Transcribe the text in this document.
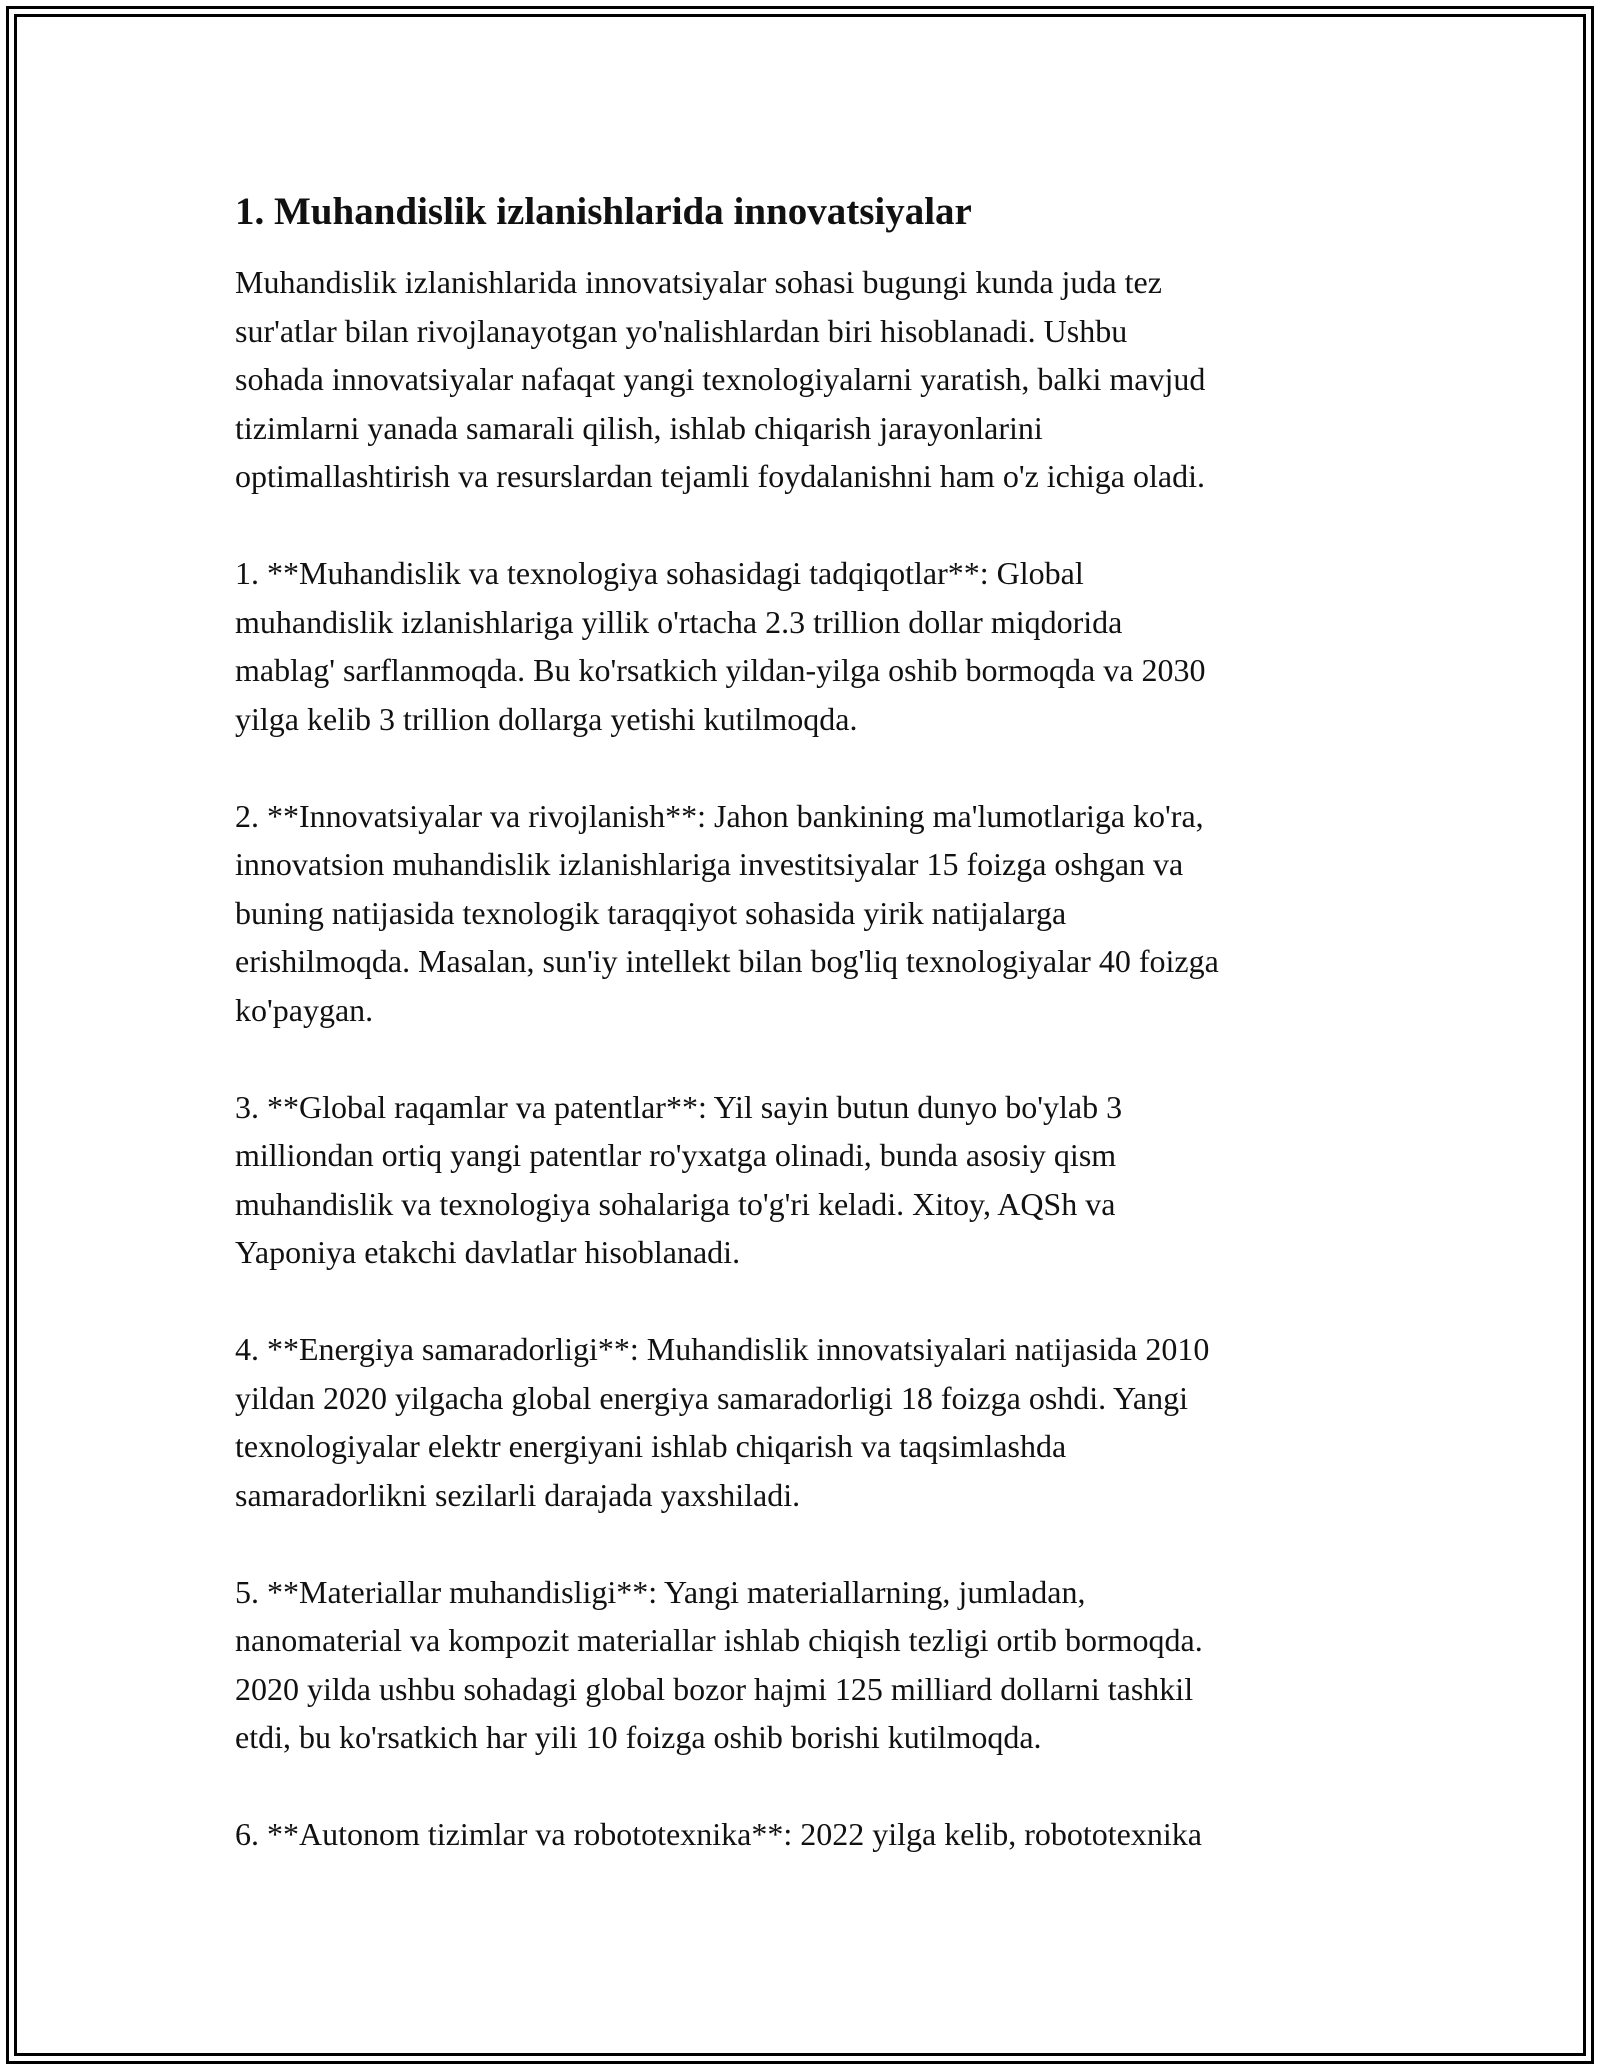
1. Muhandislik izlanishlarida innovatsiyalar

Muhandislik izlanishlarida innovatsiyalar sohasi bugungi kunda juda tez
sur'atlar bilan rivojlanayotgan yo'nalishlardan biri hisoblanadi. Ushbu
sohada innovatsiyalar nafaqat yangi texnologiyalarni yaratish, balki mavjud
tizimlarni yanada samarali qilish, ishlab chiqarish jarayonlarini
optimallashtirish va resurslardan tejamli foydalanishni ham o'z ichiga oladi.

1. **Muhandislik va texnologiya sohasidagi tadqiqotlar**: Global
muhandislik izlanishlariga yillik o'rtacha 2.3 trillion dollar miqdorida
mablag' sarflanmoqda. Bu ko'rsatkich yildan-yilga oshib bormoqda va 2030
yilga kelib 3 trillion dollarga yetishi kutilmoqda.

2. **Innovatsiyalar va rivojlanish**: Jahon bankining ma'lumotlariga ko'ra,
innovatsion muhandislik izlanishlariga investitsiyalar 15 foizga oshgan va
buning natijasida texnologik taraqqiyot sohasida yirik natijalarga
erishilmoqda. Masalan, sun'iy intellekt bilan bog'liq texnologiyalar 40 foizga
ko'paygan.

3. **Global raqamlar va patentlar**: Yil sayin butun dunyo bo'ylab 3
milliondan ortiq yangi patentlar ro'yxatga olinadi, bunda asosiy qism
muhandislik va texnologiya sohalariga to'g'ri keladi. Xitoy, AQSh va
Yaponiya etakchi davlatlar hisoblanadi.

4. **Energiya samaradorligi**: Muhandislik innovatsiyalari natijasida 2010
yildan 2020 yilgacha global energiya samaradorligi 18 foizga oshdi. Yangi
texnologiyalar elektr energiyani ishlab chiqarish va taqsimlashda
samaradorlikni sezilarli darajada yaxshiladi.

5. **Materiallar muhandisligi**: Yangi materiallarning, jumladan,
nanomaterial va kompozit materiallar ishlab chiqish tezligi ortib bormoqda.
2020 yilda ushbu sohadagi global bozor hajmi 125 milliard dollarni tashkil
etdi, bu ko'rsatkich har yili 10 foizga oshib borishi kutilmoqda.

6. **Autonom tizimlar va robototexnika**: 2022 yilga kelib, robototexnika
